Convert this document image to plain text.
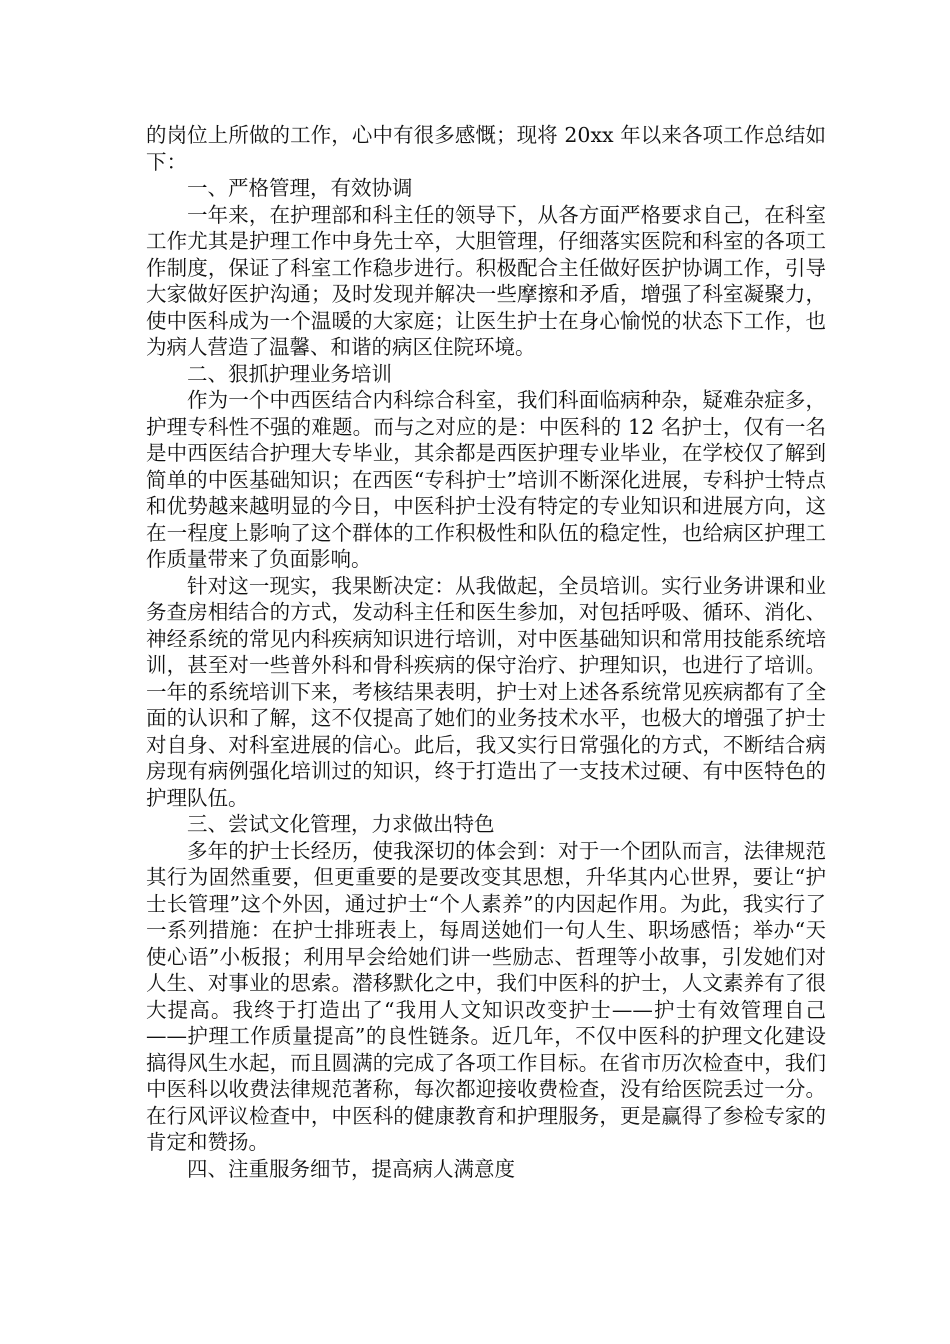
的岗位上所做的工作，心中有很多感慨；现将 20xx 年以来各项工作总结如下：

一、严格管理，有效协调

一年来，在护理部和科主任的领导下，从各方面严格要求自己，在科室工作尤其是护理工作中身先士卒，大胆管理，仔细落实医院和科室的各项工作制度，保证了科室工作稳步进行。积极配合主任做好医护协调工作，引导大家做好医护沟通；及时发现并解决一些摩擦和矛盾，增强了科室凝聚力，使中医科成为一个温暖的大家庭；让医生护士在身心愉悦的状态下工作，也为病人营造了温馨、和谐的病区住院环境。

二、狠抓护理业务培训

作为一个中西医结合内科综合科室，我们科面临病种杂，疑难杂症多，护理专科性不强的难题。而与之对应的是：中医科的 12 名护士，仅有一名是中西医结合护理大专毕业，其余都是西医护理专业毕业，在学校仅了解到简单的中医基础知识；在西医“专科护士”培训不断深化进展，专科护士特点和优势越来越明显的今日，中医科护士没有特定的专业知识和进展方向，这在一程度上影响了这个群体的工作积极性和队伍的稳定性，也给病区护理工作质量带来了负面影响。

针对这一现实，我果断决定：从我做起，全员培训。实行业务讲课和业务查房相结合的方式，发动科主任和医生参加，对包括呼吸、循环、消化、神经系统的常见内科疾病知识进行培训，对中医基础知识和常用技能系统培训，甚至对一些普外科和骨科疾病的保守治疗、护理知识，也进行了培训。一年的系统培训下来，考核结果表明，护士对上述各系统常见疾病都有了全面的认识和了解，这不仅提高了她们的业务技术水平，也极大的增强了护士对自身、对科室进展的信心。此后，我又实行日常强化的方式，不断结合病房现有病例强化培训过的知识，终于打造出了一支技术过硬、有中医特色的护理队伍。

三、尝试文化管理，力求做出特色

多年的护士长经历，使我深切的体会到：对于一个团队而言，法律规范其行为固然重要，但更重要的是要改变其思想，升华其内心世界，要让“护士长管理”这个外因，通过护士“个人素养”的内因起作用。为此，我实行了一系列措施：在护士排班表上，每周送她们一句人生、职场感悟；举办“天使心语”小板报；利用早会给她们讲一些励志、哲理等小故事，引发她们对人生、对事业的思索。潜移默化之中，我们中医科的护士，人文素养有了很大提高。我终于打造出了“我用人文知识改变护士——护士有效管理自己——护理工作质量提高”的良性链条。近几年，不仅中医科的护理文化建设搞得风生水起，而且圆满的完成了各项工作目标。在省市历次检查中，我们中医科以收费法律规范著称，每次都迎接收费检查，没有给医院丢过一分。在行风评议检查中，中医科的健康教育和护理服务，更是赢得了参检专家的肯定和赞扬。

四、注重服务细节，提高病人满意度
